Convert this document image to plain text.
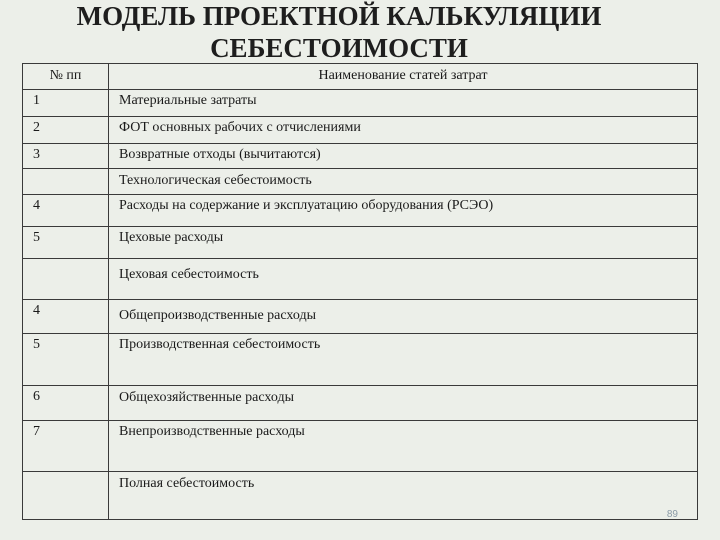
МОДЕЛЬ ПРОЕКТНОЙ КАЛЬКУЛЯЦИИ
СЕБЕСТОИМОСТИ
№ пп	Наименование статей затрат

1	Материальные затраты

2	ФОТ основных рабочих с отчислениями

3	Возвратные отходы (вычитаются)

	Технологическая себестоимость

4	Расходы на содержание и эксплуатацию оборудования (РСЭО)

5	Цеховые расходы

	Цеховая себестоимость

4	Общепроизводственные расходы

5	Производственная себестоимость

6	Общехозяйственные расходы

7	Внепроизводственные расходы

	Полная себестоимость
89
